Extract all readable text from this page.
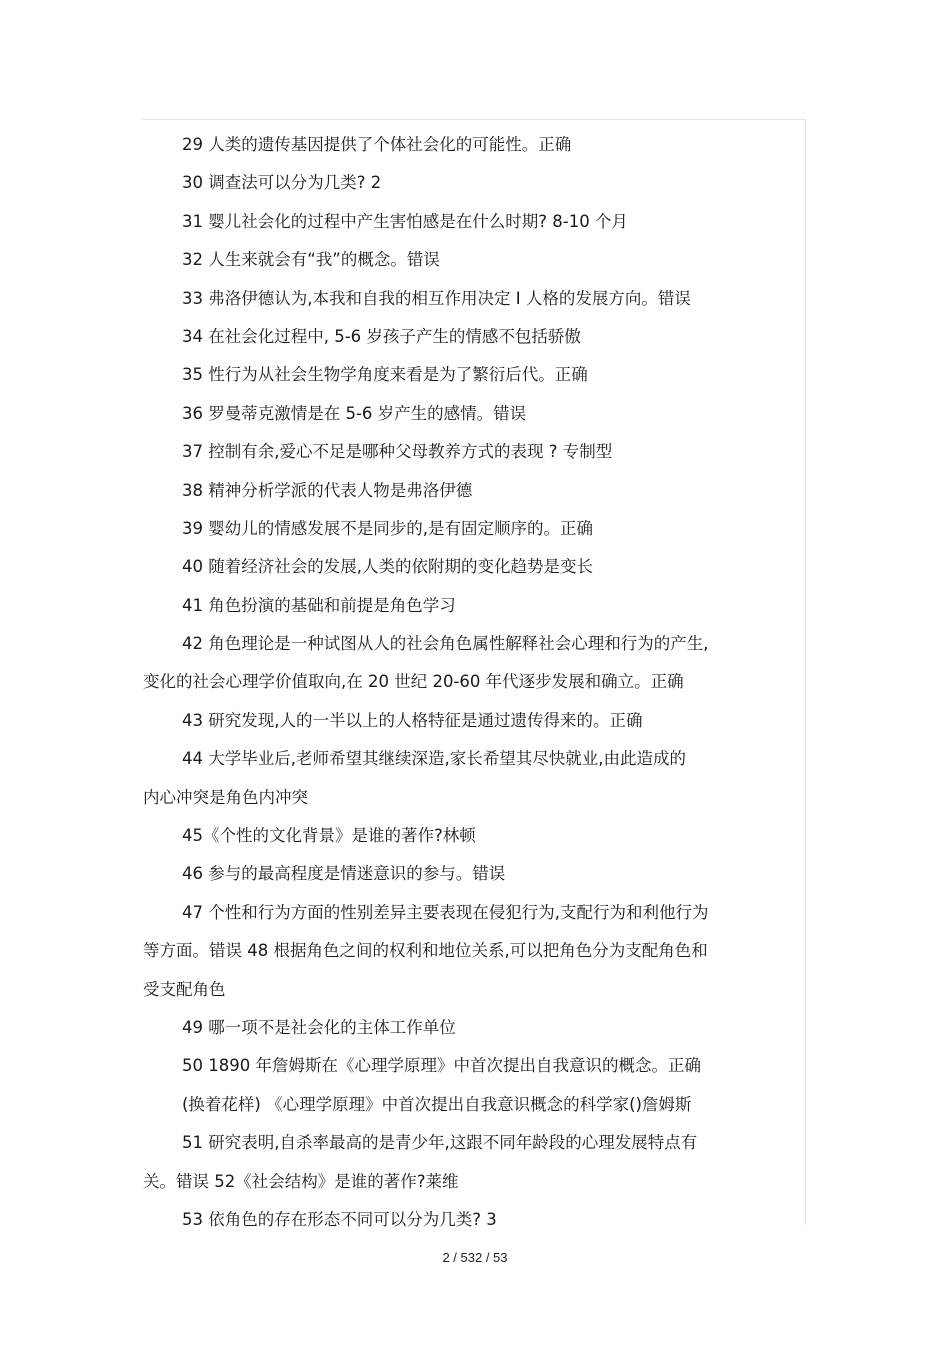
29 人类的遗传基因提供了个体社会化的可能性。正确
30 调查法可以分为几类? 2
31 婴儿社会化的过程中产生害怕感是在什么时期? 8-10 个月
32 人生来就会有“我”的概念。错误
33 弗洛伊德认为,本我和自我的相互作用决定 I 人格的发展方向。错误
34 在社会化过程中, 5-6 岁孩子产生的情感不包括骄傲
35 性行为从社会生物学角度来看是为了繁衍后代。正确
36 罗曼蒂克激情是在 5-6 岁产生的感情。错误
37 控制有余,爱心不足是哪种父母教养方式的表现 ? 专制型
38 精神分析学派的代表人物是弗洛伊德
39 婴幼儿的情感发展不是同步的,是有固定顺序的。正确
40 随着经济社会的发展,人类的依附期的变化趋势是变长
41 角色扮演的基础和前提是角色学习
42 角色理论是一种试图从人的社会角色属性解释社会心理和行为的产生,
变化的社会心理学价值取向,在 20 世纪 20-60 年代逐步发展和确立。正确
43 研究发现,人的一半以上的人格特征是通过遗传得来的。正确
44 大学毕业后,老师希望其继续深造,家长希望其尽快就业,由此造成的
内心冲突是角色内冲突
45《个性的文化背景》是谁的著作?林顿
46 参与的最高程度是情迷意识的参与。错误
47 个性和行为方面的性别差异主要表现在侵犯行为,支配行为和利他行为
等方面。错误 48 根据角色之间的权利和地位关系,可以把角色分为支配角色和
受支配角色
49 哪一项不是社会化的主体工作单位
50 1890 年詹姆斯在《心理学原理》中首次提出自我意识的概念。正确
(换着花样) 《心理学原理》中首次提出自我意识概念的科学家()詹姆斯
51 研究表明,自杀率最高的是青少年,这跟不同年龄段的心理发展特点有
关。错误 52《社会结构》是谁的著作?莱维
53 依角色的存在形态不同可以分为几类? 3
2 / 532 / 53
